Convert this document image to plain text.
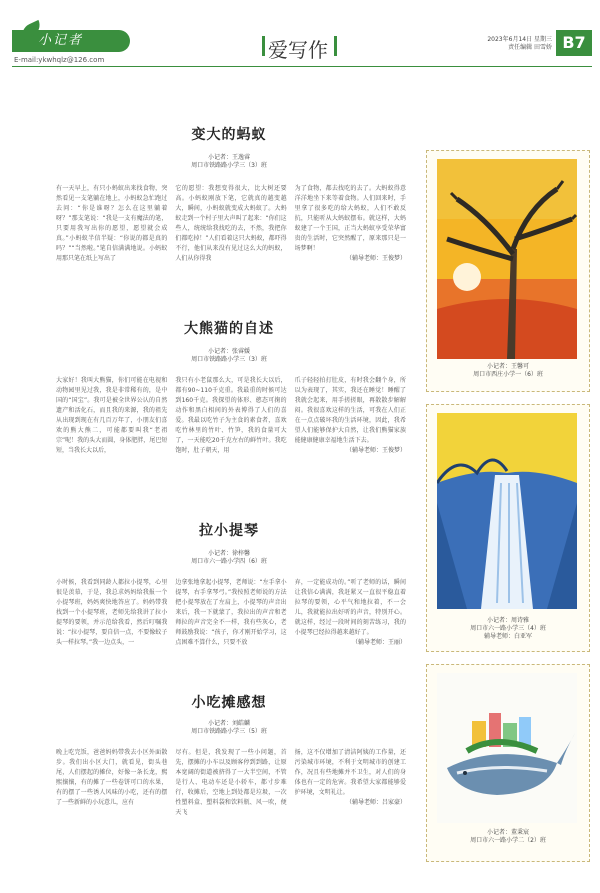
小记者
E-mail:ykwhqlz@126.com	爱写作	2023年6月14日 星期三
责任编辑 田雪娇 B7
变大的蚂蚁
小记者：王逸睿
周口市铁路路小学三（3）班

有一天早上，有只小蚂蚁出来找食物，突然看见一支笔躺在地上，小蚂蚁急忙跑过去问：“你是谁呀？怎么在这里躺着呀？”那支笔说：“我是一支有魔法的笔，只要用我写出你的愿望，愿望就会成真。”小蚂蚁半信半疑：“你说的都是真的吗？”“当然啦。”笔自信满满地说。小蚂蚁用那只笔在纸上写出了

它的愿望：我想变得很大，比大树还要高。小蚂蚁刚放下笔，它就真的越变越大，瞬间，小蚂蚁就变成大蚂蚁了。大蚂蚁走到一个村子里大声叫了起来：“你们这些人，统统给我找吃的去，不然，我把你们都吃掉！”人们看着这只大蚂蚁，都吓得不行，他们从来没有见过这么大的蚂蚁，人们从你得我

为了食物，都去找吃的去了。大蚂蚁得意洋洋地坐下来等着食物。人们回来时，手里拿了很多吃的给大蚂蚁，人们不敢反抗，只能听从大蚂蚁摆布。就这样，大蚂蚁建了一个王国，正当大蚂蚁享受荣华富贵的生活时，它突然醒了，原来那只是一场梦啊！

（辅导老师：王俊梦）
大熊猫的自述
小记者：张睿媛
周口市铁路路小学三（3）班

大家好！我叫大熊猫，你们可能在电视和动物园里见过我，我是非常稀有的，是中国的“国宝”。我可是被全世界公认的自然遗产和活化石，而且我的来源，我的祖先从出现到现在有几百万年了，小朋友们喜欢的熊大熊二，可能都要叫我“老祖宗”呢！我的头大而圆，身体肥胖，尾巴短短，当我长大以后，

我只有小老鼠那么大，可是我长大以后，都有90~110千克重。我最重的时候可达到160千克。我探望的体形、憨态可掬的动作和黑白相间的外表博得了人们的喜爱。我最以吃竹子为主食的素食者，喜欢吃竹林里的竹叶、竹笋，我的食量可大了，一天能吃20千克左右的鲜竹叶。我吃饱时，肚子朝天，用

爪子轻轻拍打肚皮，有时我会翻个身，所以为表现了，其实，我还在睡觉！睡醒了我就会起来，用手搓搓眼，再散散步解解闷。我很喜欢这样的生活，可我在人们正在一点点破坏我的生活环境，因此，我希望人们能够保护大自然，让我们熊猫家族能健康健康幸福地生活下去。

（辅导老师：王俊梦）
拉小提琴
小记者：徐梓馨
周口市六一路小学四（6）班

小时候，我看到同龄人都拉小提琴，心里很是羡慕，于是，我总求妈妈给我报一个小提琴班，妈妈爽快地答应了。妈妈带我找到一个小提琴班，老师先给我讲了拉小提琴的要领，并示范给我看，然后叮嘱我说：“拉小提琴，要自信一点，不要像蚊子头一样拉琴。”我一边点头，一

边拿张地拿起小提琴，老师说：“左手拿小提琴，右手拿琴弓。”我按照老师说的方法把小提琴放在了左肩上，小提琴的声音出来后，我一下就蒙了，我拉出的声音和老师拉的声音完全不一样，我有些灰心，老师鼓励我说：“孩子，你才刚开始学习，这点困难不算什么，只要不放

弃，一定能成功的。”听了老师的话，瞬间让我信心满满，我赶紧又一直很平稳直着拉琴的要领，心平气和地拉着，不一会儿，我就能拉出好听的声音，特别开心。就这样，经过一段时间的刻苦练习，我的小提琴已经拉得越来越好了。

（辅导老师：王丽）
小吃摊感想
小记者：刘皓麟
周口市铁路路小学三（5）班

晚上吃完饭，爸爸妈妈带我去小区外面散步。我们出小区大门，就看见，街头巷尾，人们摆起的摊位，好像一条长龙，熙熙攘攘，有的摊了一些卷饼可口的水果，有的摆了一些诱人风味的小吃，还有的摆了一些新鲜的小玩意儿，应有

尽有。但是，我发现了一些小问题，首先，摆摊的小车以及顾客停到到路，让原本宽阔的街道被挤得了一大半空间，不管是行人、电动车还是小轿车，都寸步难行，收摊后，空地上到处都是垃圾，一次性塑料盒、塑料袋和饮料瓶、风一吹，便天飞

扬，这不仅增加了清洁阿姨的工作量，还污染城市环境，不利于文明城市的创建工作，况且有些地摊并不卫生，对人们的身体也有一定的危害。我希望大家都能够爱护环境，文明礼让。

（辅导老师：吕家豪）
小记者：王馨可
周口市西庄小学一（6）班
小记者：周诗雅
周口市六一路小学三（4）班
辅导老师：白亚军
小记者：董秉宸
周口市六一路小学二（2）班
